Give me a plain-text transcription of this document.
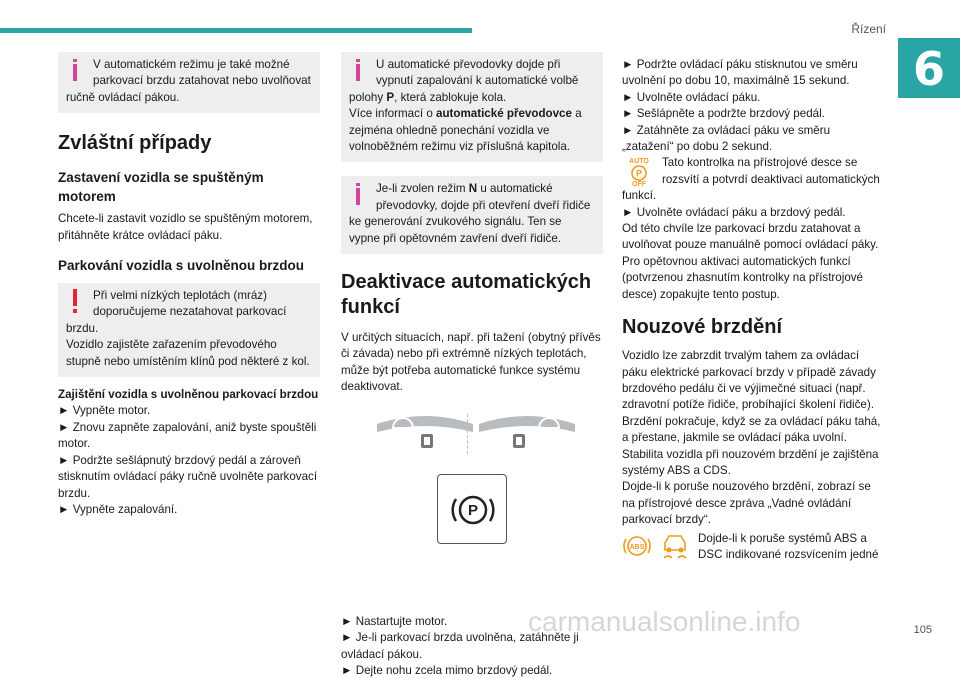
Řízení
6

V automatickém režimu je také možné parkovací brzdu zatahovat nebo uvolňovat ručně ovládací pákou.

Zvláštní případy
Zastavení vozidla se spuštěným motorem

Chcete-li zastavit vozidlo se spuštěným motorem, přitáhněte krátce ovládací páku.

Parkování vozidla s uvolněnou brzdou

Při velmi nízkých teplotách (mráz) doporučujeme nezatahovat parkovací brzdu.

Vozidlo zajistěte zařazením převodového stupně nebo umístěním klínů pod některé z kol.

Zajištění vozidla s uvolněnou parkovací brzdou

► Vypněte motor.
► Znovu zapněte zapalování, aniž byste spouštěli motor.
► Podržte sešlápnutý brzdový pedál a zároveň stisknutím ovládací páky ručně uvolněte parkovací brzdu.
► Vypněte zapalování.

U automatické převodovky dojde při vypnutí zapalování k automatické volbě polohy P, která zablokuje kola.

Více informací o automatické převodovce a zejména ohledně ponechání vozidla ve volnoběžném režimu viz příslušná kapitola.

Je-li zvolen režim N u automatické převodovky, dojde při otevření dveří řidiče ke generování zvukového signálu. Ten se vypne při opětovném zavření dveří řidiče.

Deaktivace automatických funkcí

V určitých situacích, např. při tažení (obytný přívěs či závada) nebo při extrémně nízkých teplotách, může být potřeba automatické funkce systému deaktivovat.

P
► Nastartujte motor.
► Je-li parkovací brzda uvolněna, zatáhněte ji ovládací pákou.
► Dejte nohu zcela mimo brzdový pedál.
► Podržte ovládací páku stisknutou ve směru uvolnění po dobu 10, maximálně 15 sekund.
► Uvolněte ovládací páku.
► Sešlápněte a podržte brzdový pedál.
► Zatáhněte za ovládací páku ve směru „zatažení“ po dobu 2 sekund.
AUTO
P
OFF
Tato kontrolka na přístrojové desce se rozsvítí a potvrdí deaktivaci automatických funkcí.
► Uvolněte ovládací páku a brzdový pedál.
Od této chvíle lze parkovací brzdu zatahovat a uvolňovat pouze manuálně pomocí ovládací páky.
Pro opětovnou aktivaci automatických funkcí (potvrzenou zhasnutím kontrolky na přístrojové desce) zopakujte tento postup.
Nouzové brzdění
Vozidlo lze zabrzdit trvalým tahem za ovládací páku elektrické parkovací brzdy v případě závady brzdového pedálu či ve výjimečné situaci (např. zdravotní potíže řidiče, probíhající školení řidiče). Brzdění pokračuje, když se za ovládací páku tahá, a přestane, jakmile se ovládací páka uvolní.
Stabilita vozidla při nouzovém brzdění je zajištěna systémy ABS a CDS.
Dojde-li k poruše nouzového brzdění, zobrazí se na přístrojové desce zpráva „Vadné ovládání parkovací brzdy“.
ABS
Dojde-li k poruše systémů ABS a DSC indikované rozsvícením jedné
carmanualsonline.info	105
